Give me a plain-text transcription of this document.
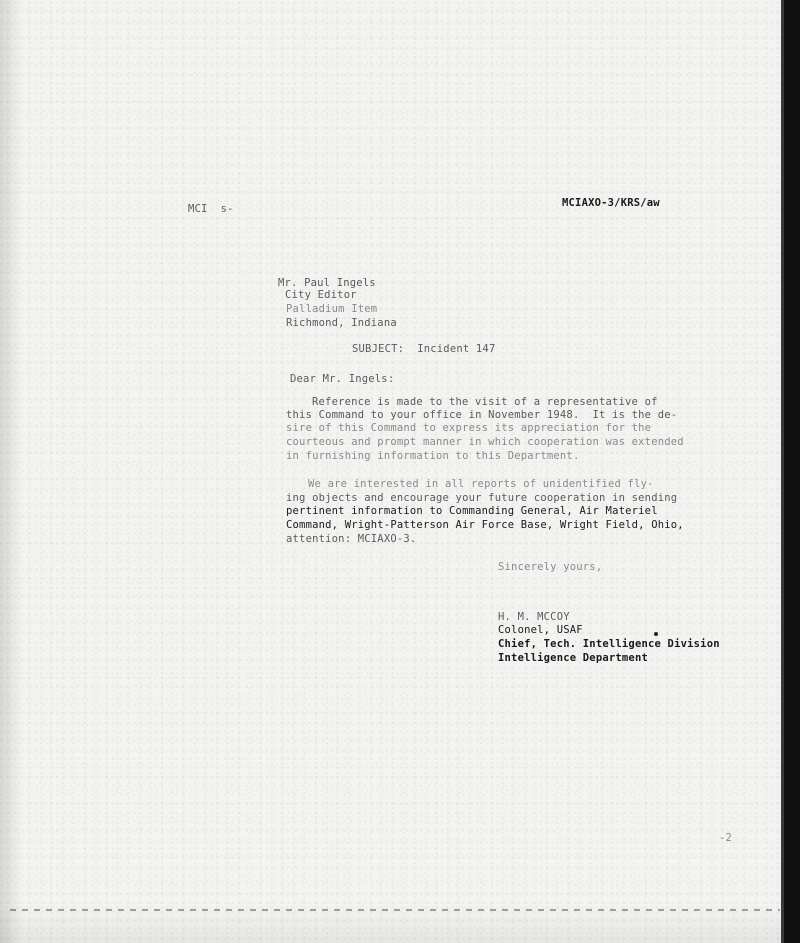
MCI  s-	MCIAXO-3/KRS/aw
Mr. Paul Ingels
City Editor
Palladium Item
Richmond, Indiana
SUBJECT:  Incident 147
Dear Mr. Ingels:
Reference is made to the visit of a representative of
this Command to your office in November 1948.  It is the de-
sire of this Command to express its appreciation for the
courteous and prompt manner in which cooperation was extended
in furnishing information to this Department.
We are interested in all reports of unidentified fly-
ing objects and encourage your future cooperation in sending
pertinent information to Commanding General, Air Materiel
Command, Wright-Patterson Air Force Base, Wright Field, Ohio,
attention: MCIAXO-3.
Sincerely yours,
H. M. MCCOY
Colonel, USAF
Chief, Tech. Intelligence Division
Intelligence Department
-2
